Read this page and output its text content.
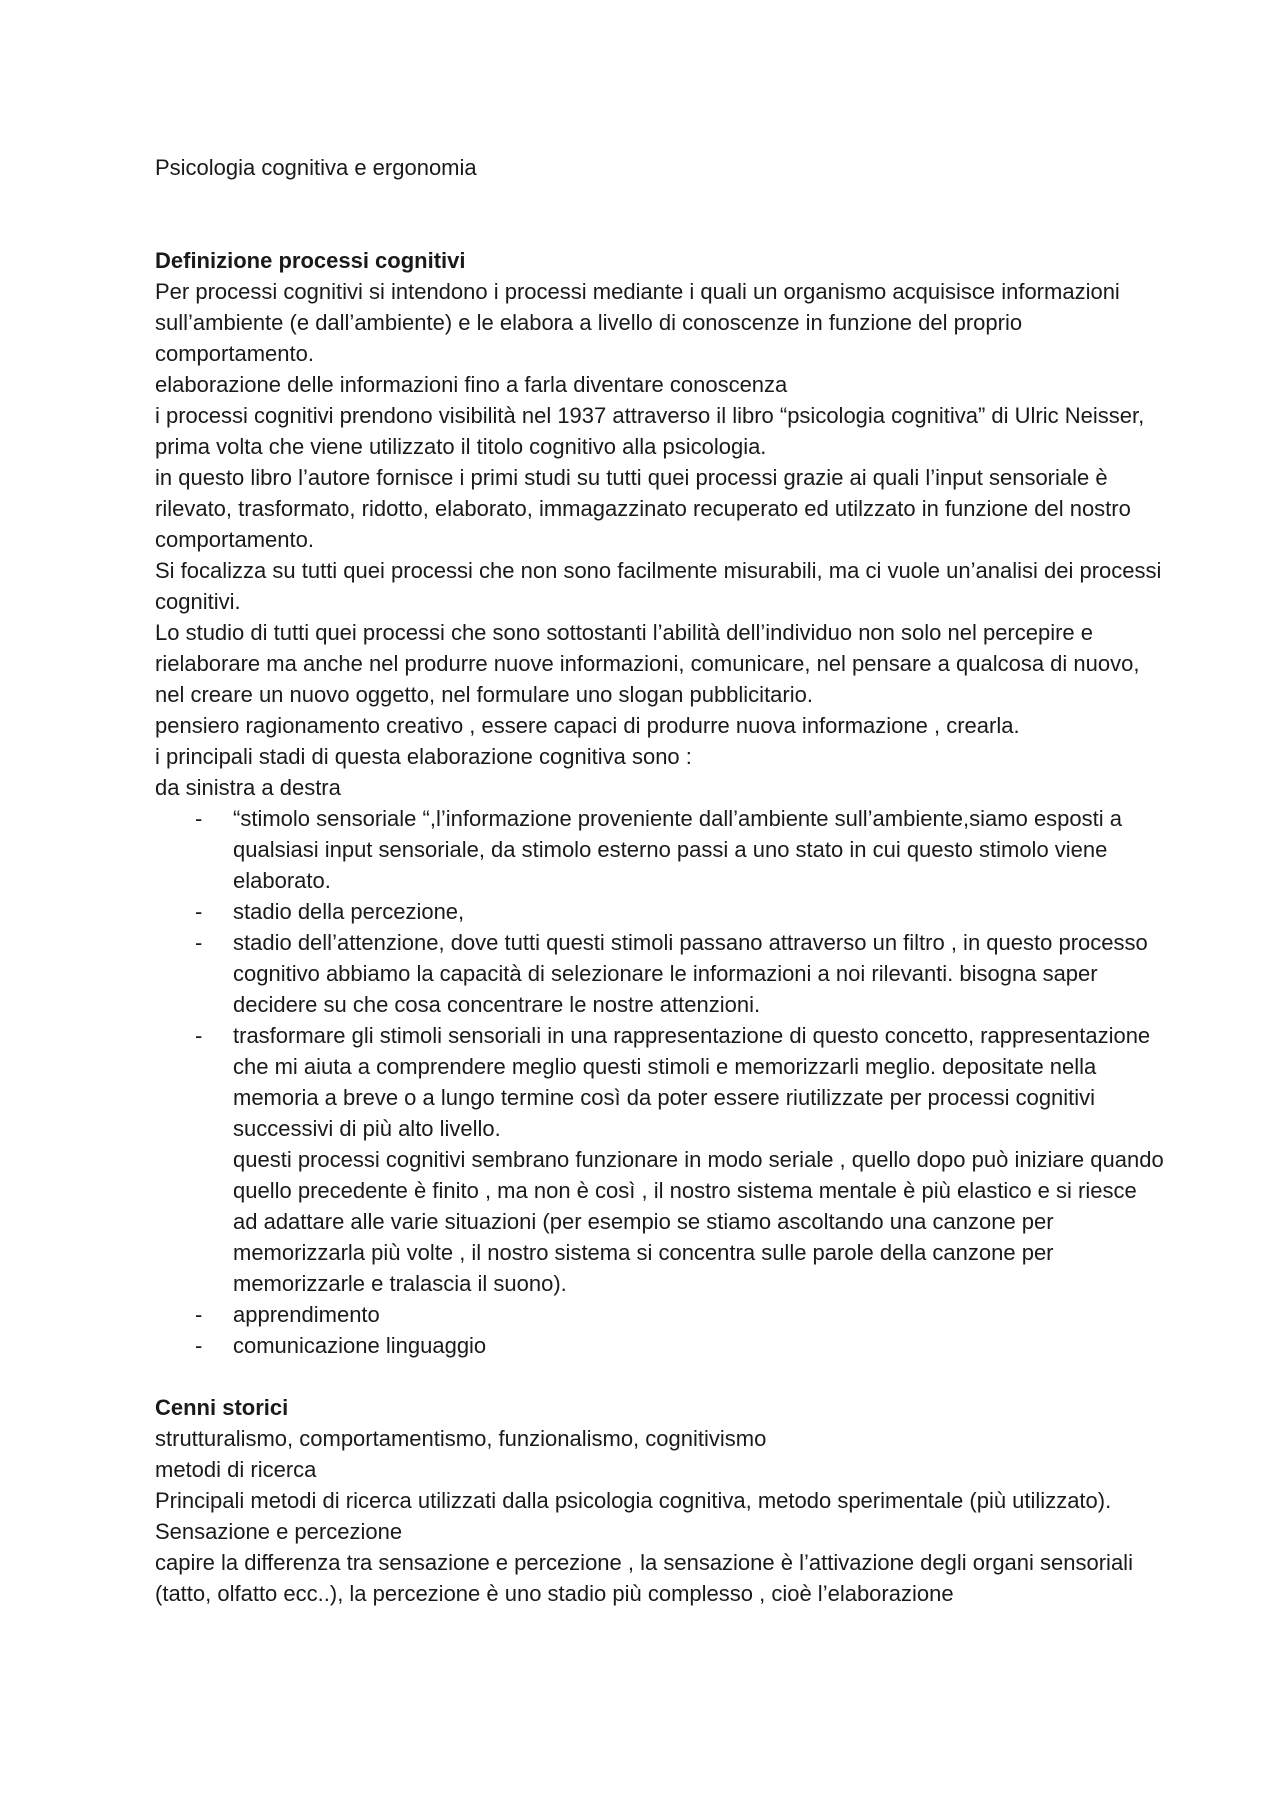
Psicologia cognitiva e ergonomia

Definizione processi cognitivi

Per processi cognitivi si intendono i processi mediante i quali un organismo acquisisce informazioni sull’ambiente (e dall’ambiente) e le elabora a livello di conoscenze in funzione del proprio comportamento.

elaborazione delle informazioni fino a farla diventare conoscenza

i processi cognitivi prendono visibilità nel 1937 attraverso il libro “psicologia cognitiva” di Ulric Neisser, prima volta che viene utilizzato il titolo cognitivo alla psicologia.

in questo libro l’autore fornisce i primi studi su tutti quei processi grazie ai quali l’input sensoriale è rilevato, trasformato, ridotto, elaborato, immagazzinato recuperato ed utilzzato in funzione del nostro comportamento.

Si focalizza su tutti quei processi che non sono facilmente misurabili, ma ci vuole un’analisi dei processi cognitivi.

Lo studio di tutti quei processi che sono sottostanti l’abilità dell’individuo non solo nel percepire e rielaborare ma anche nel produrre nuove informazioni, comunicare, nel pensare a qualcosa di nuovo, nel creare un nuovo oggetto, nel formulare uno slogan pubblicitario.

pensiero ragionamento creativo , essere capaci di produrre nuova informazione , crearla.

i principali stadi di questa elaborazione cognitiva sono :

da sinistra a destra

- “stimolo sensoriale “,l’informazione proveniente dall’ambiente sull’ambiente,siamo esposti a qualsiasi input sensoriale, da stimolo esterno passi a uno stato in cui questo stimolo viene elaborato.
- stadio della percezione,
- stadio dell’attenzione, dove tutti questi stimoli passano attraverso un filtro , in questo processo cognitivo abbiamo la capacità di selezionare le informazioni a noi rilevanti. bisogna saper decidere su che cosa concentrare le nostre attenzioni.
- trasformare gli stimoli sensoriali in una rappresentazione di questo concetto, rappresentazione che mi aiuta a comprendere meglio questi stimoli e memorizzarli meglio. depositate nella memoria a breve o a lungo termine così da poter essere riutilizzate per processi cognitivi successivi di più alto livello.
questi processi cognitivi sembrano funzionare in modo seriale , quello dopo può iniziare quando quello precedente è finito , ma non è così , il nostro sistema mentale è più elastico e si riesce ad adattare alle varie situazioni (per esempio se stiamo ascoltando una canzone per memorizzarla più volte , il nostro sistema si concentra sulle parole della canzone per memorizzarle e tralascia il suono).
- apprendimento
- comunicazione linguaggio
Cenni storici

strutturalismo, comportamentismo, funzionalismo, cognitivismo

metodi di ricerca

Principali metodi di ricerca utilizzati dalla psicologia cognitiva, metodo sperimentale (più utilizzato).

Sensazione e percezione

capire la differenza tra sensazione e percezione , la sensazione è l’attivazione degli organi sensoriali (tatto, olfatto ecc..), la percezione è uno stadio più complesso , cioè l’elaborazione
